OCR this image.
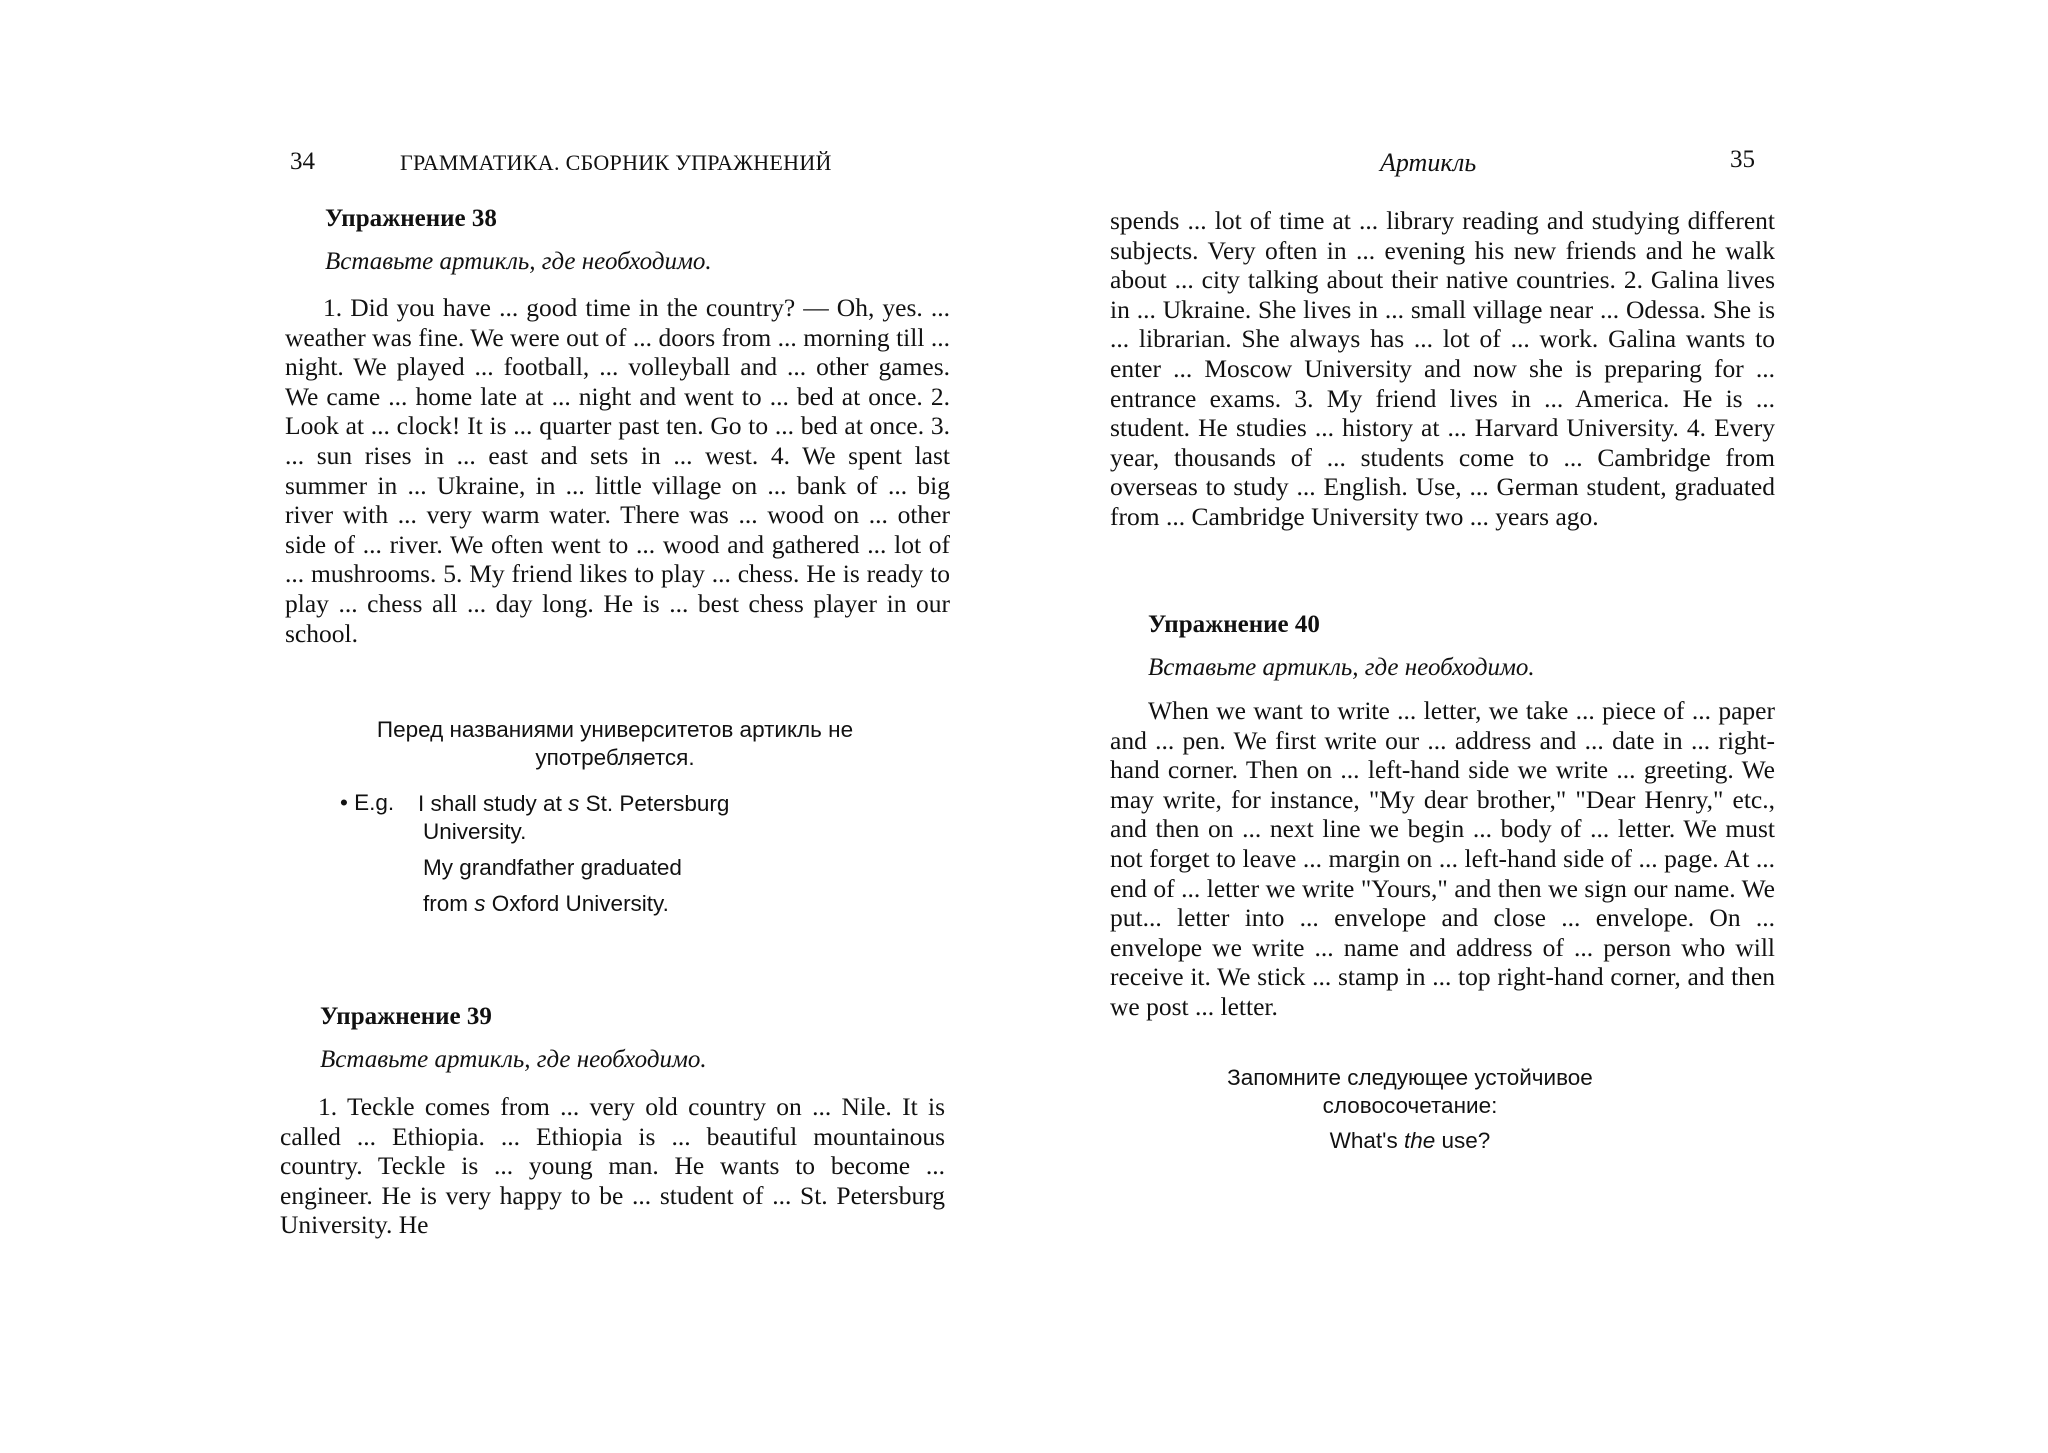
34	ГРАММАТИКА. СБОРНИК УПРАЖНЕНИЙ
Упражнение 38
Вставьте артикль, где необходимо.

1. Did you have ... good time in the country? — Oh, yes. ... weather was fine. We were out of ... doors from ... morning till ... night. We played ... football, ... volleyball and ... other games. We came ... home late at ... night and went to ... bed at once. 2. Look at ... clock! It is ... quarter past ten. Go to ... bed at once. 3. ... sun rises in ... east and sets in ... west. 4. We spent last summer in ... Ukraine, in ... little village on ... bank of ... big river with ... very warm water. There was ... wood on ... other side of ... river. We often went to ... wood and gathered ... lot of ... mushrooms. 5. My friend likes to play ... chess. He is ready to play ... chess all ... day long. He is ... best chess player in our school.

Перед названиями университетов артикль не употребляется.
• E.g. I shall study at s St. Petersburg
University.
My grandfather graduated
from s Oxford University.
Упражнение 39
Вставьте артикль, где необходимо.

1. Teckle comes from ... very old country on ... Nile. It is called ... Ethiopia. ... Ethiopia is ... beautiful mountainous country. Teckle is ... young man. He wants to become ... engineer. He is very happy to be ... student of ... St. Petersburg University. He

Артикль	35

spends ... lot of time at ... library reading and studying different subjects. Very often in ... evening his new friends and he walk about ... city talking about their native countries. 2. Galina lives in ... Ukraine. She lives in ... small village near ... Odessa. She is ... librarian. She always has ... lot of ... work. Galina wants to enter ... Moscow University and now she is preparing for ... entrance exams. 3. My friend lives in ... America. He is ... student. He studies ... history at ... Harvard University. 4. Every year, thousands of ... students come to ... Cambridge from overseas to study ... English. Use, ... German student, graduated from ... Cambridge University two ... years ago.

Упражнение 40
Вставьте артикль, где необходимо.

When we want to write ... letter, we take ... piece of ... paper and ... pen. We first write our ... address and ... date in ... right-hand corner. Then on ... left-hand side we write ... greeting. We may write, for instance, "My dear brother," "Dear Henry," etc., and then on ... next line we begin ... body of ... letter. We must not forget to leave ... margin on ... left-hand side of ... page. At ... end of ... letter we write "Yours," and then we sign our name. We put... letter into ... envelope and close ... envelope. On ... envelope we write ... name and address of ... person who will receive it. We stick ... stamp in ... top right-hand corner, and then we post ... letter.

Запомните следующее устойчивое словосочетание:
What's the use?
